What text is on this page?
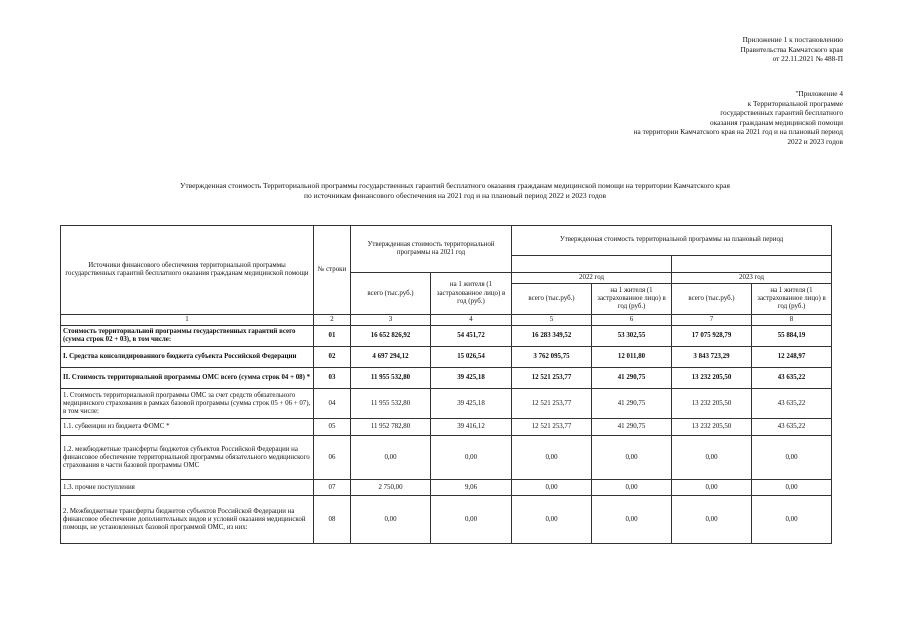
Приложение 1 к постановлению
Правительства Камчатского края
от 22.11.2021 № 488-П
"Приложение 4
к Территориальной программе
государственных гарантий бесплатного
оказания гражданам медицинской помощи
на территории Камчатского края на 2021 год и на плановый период
2022 и 2023 годов
Утвержденная стоимость Территориальной программы государственных гарантий бесплатного оказания гражданам медицинской помощи на территории Камчатского края
по источникам финансового обеспечения на 2021 год и на плановый период 2022 и 2023 годов
Источники финансового обеспечения территориальной программы государственных гарантий бесплатного оказания гражданам медицинской помощи	№ строки	Утвержденная стоимость территориальной программы на 2021 год		Утвержденная стоимость территориальной программы на плановый период			

		всего (тыс.руб.)	на 1 жителя (1 застрахованное лицо) в год (руб.)	2022 год		2023 год	
				всего (тыс.руб.)	на 1 жителя (1 застрахованное лицо) в год (руб.)	всего (тыс.руб.)	на 1 жителя (1 застрахованное лицо) в год (руб.)
1	2	3	4	5	6	7	8
Стоимость территориальной программы государственных гарантий всего (сумма строк 02 + 03), в том числе:	01	16 652 826,92	54 451,72	16 283 349,52	53 302,55	17 075 928,79	55 884,19
I. Средства консолидированного бюджета субъекта Российской Федерации	02	4 697 294,12	15 026,54	3 762 095,75	12 011,80	3 843 723,29	12 248,97
II. Стоимость территориальной программы ОМС всего (сумма строк 04 + 08) *	03	11 955 532,80	39 425,18	12 521 253,77	41 290,75	13 232 205,50	43 635,22
1. Стоимость территориальной программы ОМС за счет средств обязательного медицинского страхования в рамках базовой программы (сумма строк 05 + 06 + 07), в том числе:	04	11 955 532,80	39 425,18	12 521 253,77	41 290,75	13 232 205,50	43 635,22
1.1. субвенции из бюджета ФОМС *	05	11 952 782,80	39 416,12	12 521 253,77	41 290,75	13 232 205,50	43 635,22
1.2. межбюджетные трансферты бюджетов субъектов Российской Федерации на финансовое обеспечение территориальной программы обязательного медицинского страхования в части базовой программы ОМС	06	0,00	0,00	0,00	0,00	0,00	0,00
1.3. прочие поступления	07	2 750,00	9,06	0,00	0,00	0,00	0,00
2. Межбюджетные трансферты бюджетов субъектов Российской Федерации на финансовое обеспечение дополнительных видов и условий оказания медицинской помощи, не установленных базовой программой ОМС, из них:	08	0,00	0,00	0,00	0,00	0,00	0,00
